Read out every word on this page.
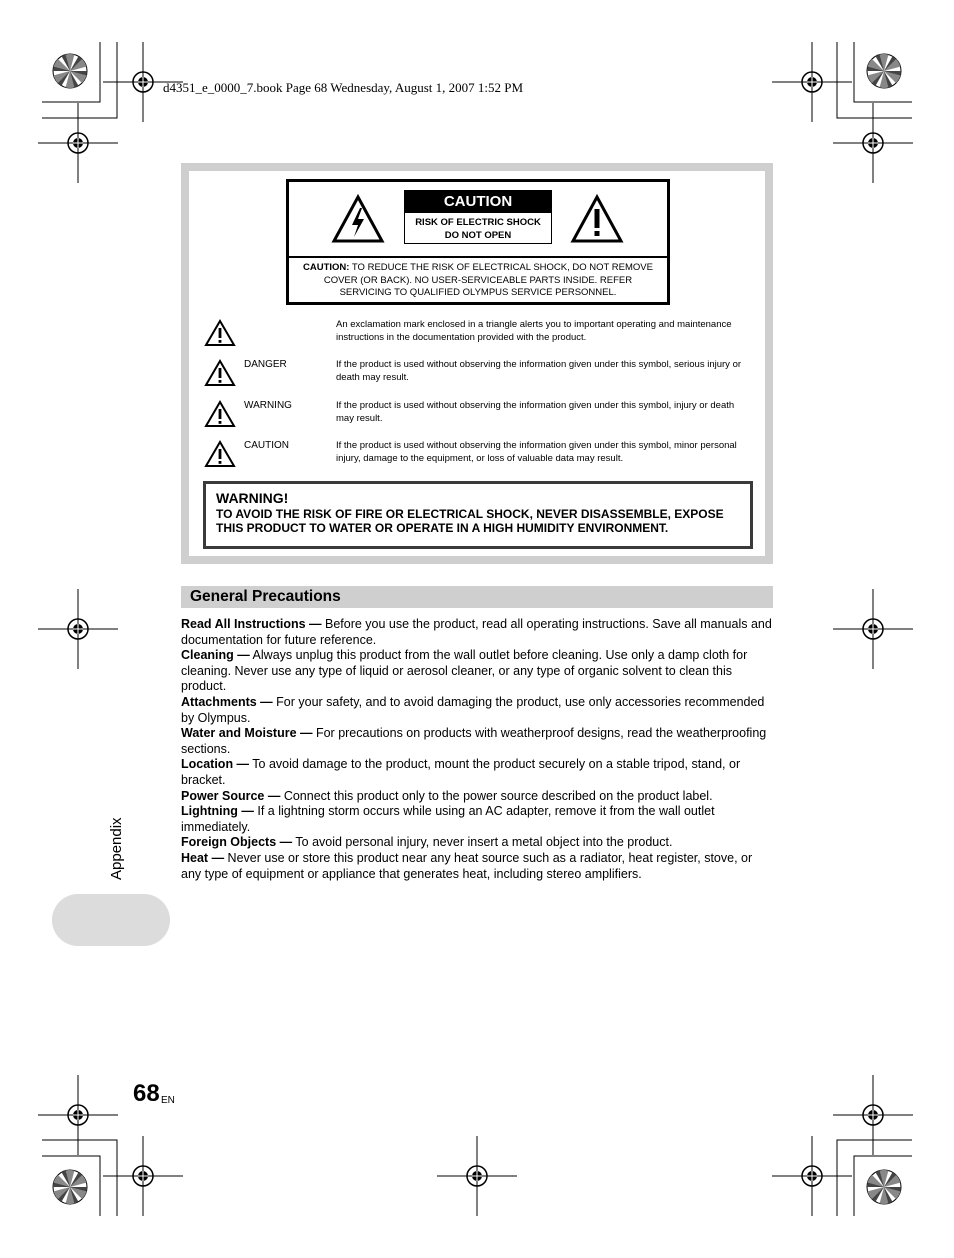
d4351_e_0000_7.book Page 68 Wednesday, August 1, 2007 1:52 PM
CAUTION
RISK OF ELECTRIC SHOCK
DO NOT OPEN
CAUTION: TO REDUCE THE RISK OF ELECTRICAL SHOCK, DO NOT REMOVE COVER (OR BACK). NO USER-SERVICEABLE PARTS INSIDE. REFER SERVICING TO QUALIFIED OLYMPUS SERVICE PERSONNEL.
An exclamation mark enclosed in a triangle alerts you to important operating and maintenance instructions in the documentation provided with the product.
DANGER	If the product is used without observing the information given under this symbol, serious injury or death may result.
WARNING	If the product is used without observing the information given under this symbol, injury or death may result.
CAUTION	If the product is used without observing the information given under this symbol, minor personal injury, damage to the equipment, or loss of valuable data may result.
WARNING!
TO AVOID THE RISK OF FIRE OR ELECTRICAL SHOCK, NEVER DISASSEMBLE, EXPOSE THIS PRODUCT TO WATER OR OPERATE IN A HIGH HUMIDITY ENVIRONMENT.
General Precautions

Read All Instructions — Before you use the product, read all operating instructions. Save all manuals and documentation for future reference.

Cleaning — Always unplug this product from the wall outlet before cleaning. Use only a damp cloth for cleaning. Never use any type of liquid or aerosol cleaner, or any type of organic solvent to clean this product.

Attachments — For your safety, and to avoid damaging the product, use only accessories recommended by Olympus.

Water and Moisture — For precautions on products with weatherproof designs, read the weatherproofing sections.

Location — To avoid damage to the product, mount the product securely on a stable tripod, stand, or bracket.

Power Source — Connect this product only to the power source described on the product label.

Lightning — If a lightning storm occurs while using an AC adapter, remove it from the wall outlet immediately.

Foreign Objects — To avoid personal injury, never insert a metal object into the product.

Heat — Never use or store this product near any heat source such as a radiator, heat register, stove, or any type of equipment or appliance that generates heat, including stereo amplifiers.

Appendix
68 EN
